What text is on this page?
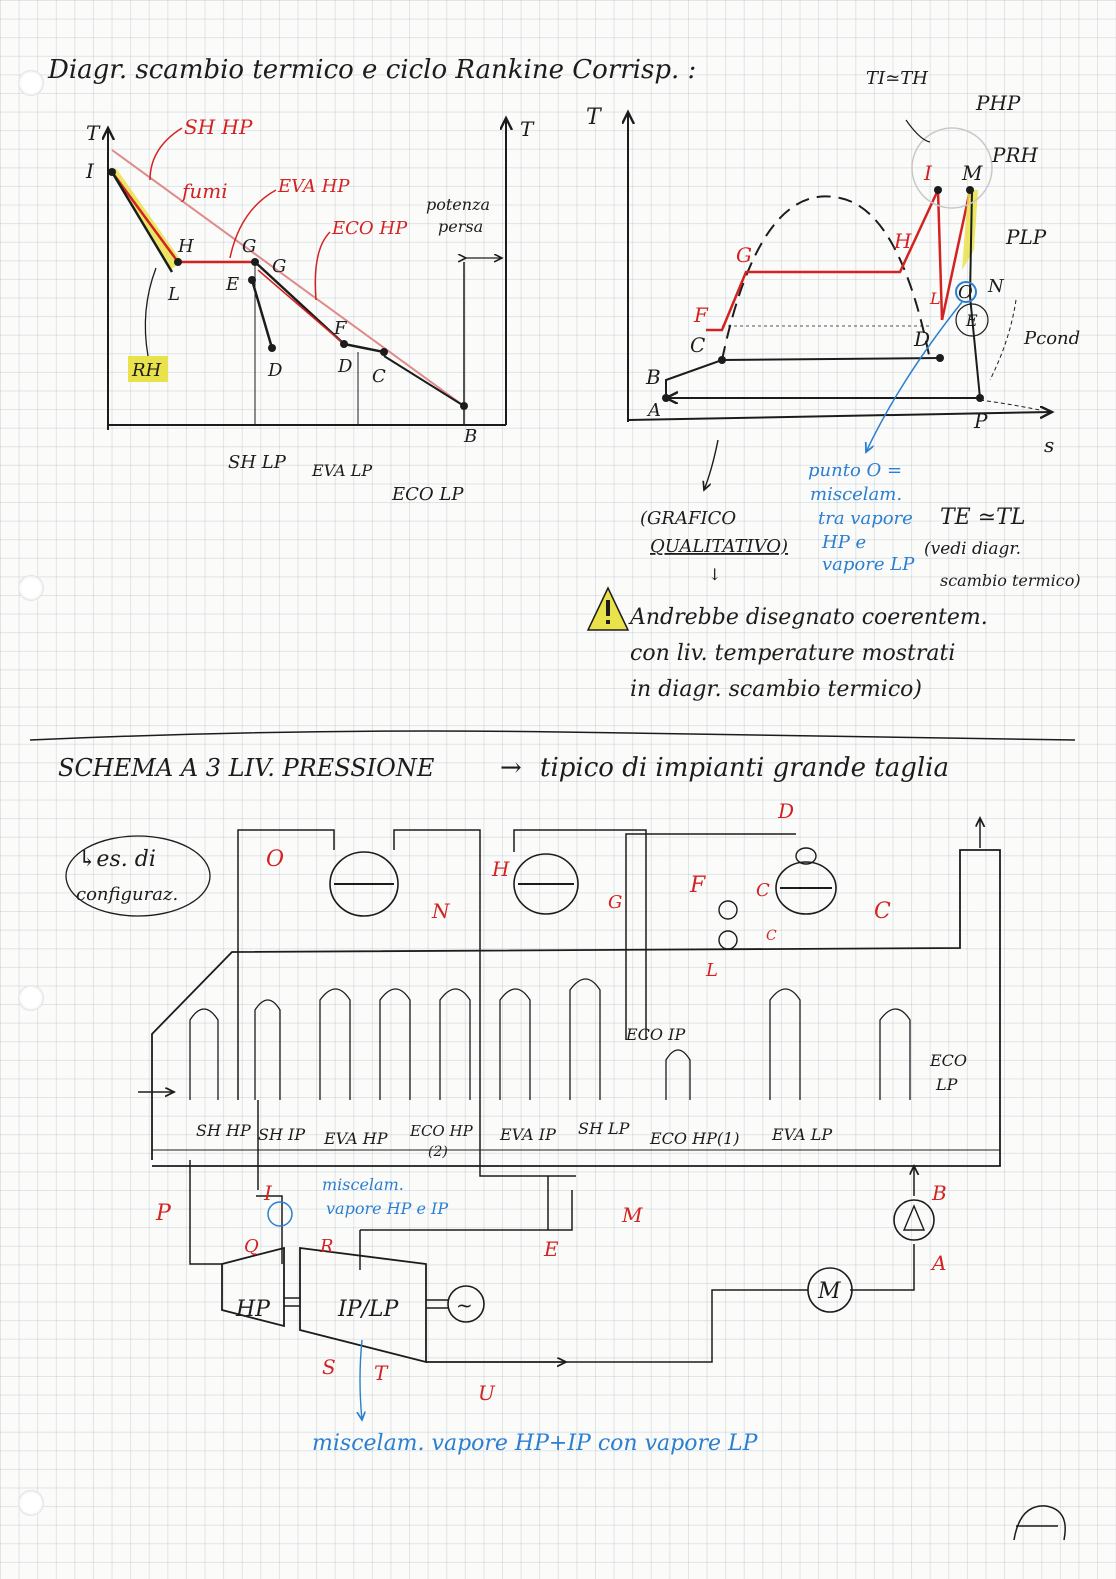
Diagr. scambio termico e ciclo Rankine Corrisp. :
T	T
I
H	G
E
G
L
D
F
D C
B
SH HP
fumi	EVA HP
ECO HP
potenza
persa
RH
SH LP EVA LP
ECO LP
T
s
TI≃TH
PHP
PRH
PLP
Pcond
I M
G
H
F
C	D
L O N
E
B
A	P
punto O =
miscelam.
tra vapore
HP e
vapore LP
TE ≃TL
(vedi diagr.
scambio termico)
(GRAFICO
QUALITATIVO)
↓
Andrebbe disegnato coerentem.
con liv. temperature mostrati
in diagr. scambio termico)
SCHEMA A 3 LIV. PRESSIONE	→ tipico di impianti grande taglia
↳es. di
configuraz.
~
HP	IP/LP
M
SH HP SH IP EVA HP ECO HP
(2)
EVA IP SH LP
ECO HP(1) EVA LP
ECO IP
ECO
LP
O	H
D
F	C
C
C
N	G
L
P
I
Q	R	E
M
B
A
S T
U
miscelam.
vapore HP e IP
miscelam. vapore HP+IP con vapore LP
